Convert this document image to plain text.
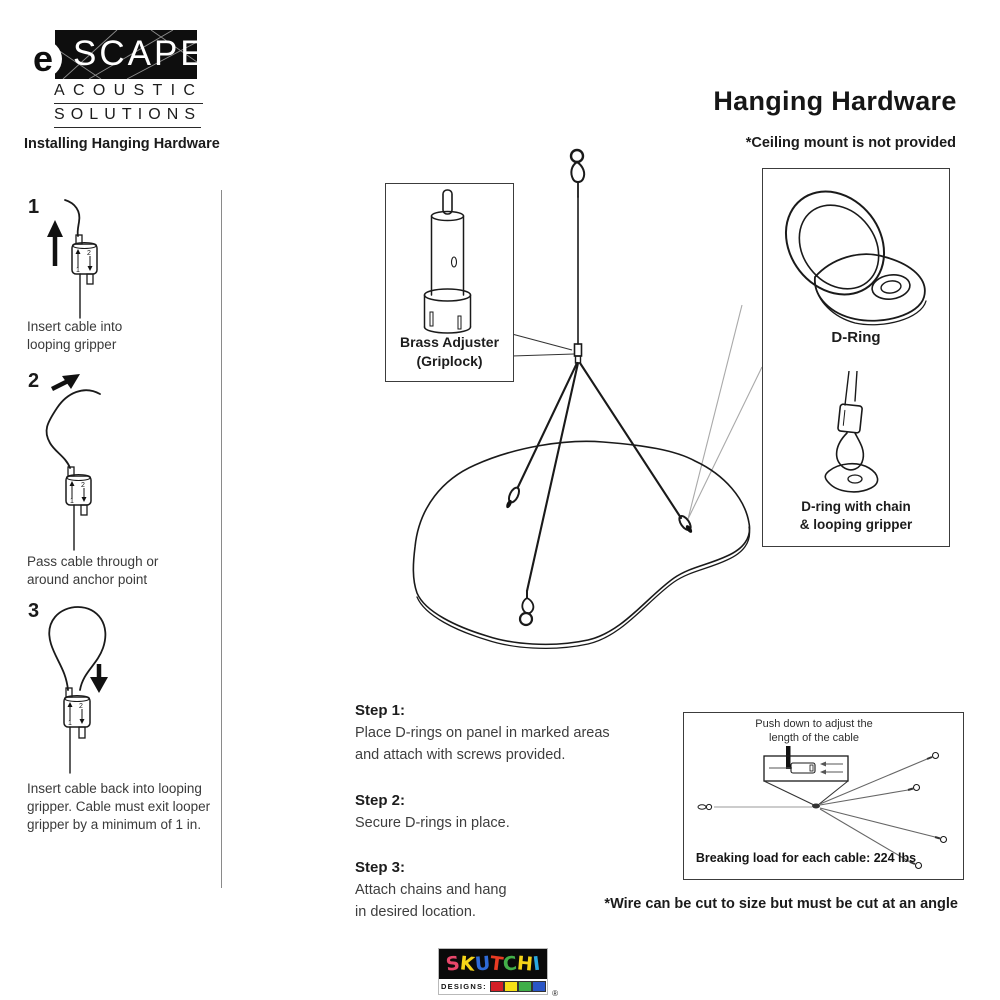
SCAPE
e
ACOUSTIC
SOLUTIONS
Installing Hanging Hardware
Hanging Hardware
*Ceiling mount is not provided
1
1
2
Insert cable into
looping gripper
2
1
2
Pass cable through or
around anchor point
3
1
2
Insert cable back into looping
gripper. Cable must exit looper
gripper by a minimum of 1 in.
Brass Adjuster
(Griplock)
D-Ring
D-ring with chain
& looping gripper
Step 1:
Place D-rings on panel in marked areas
and attach with screws provided.
Step 2:
Secure D-rings in place.
Step 3:
Attach chains and hang
in desired location.
Push down to adjust the
length of the cable
Breaking load for each cable: 224 lbs
*Wire can be cut to size but must be cut at an angle
S
K
U
T
C
H
I
DESIGNS:
®
